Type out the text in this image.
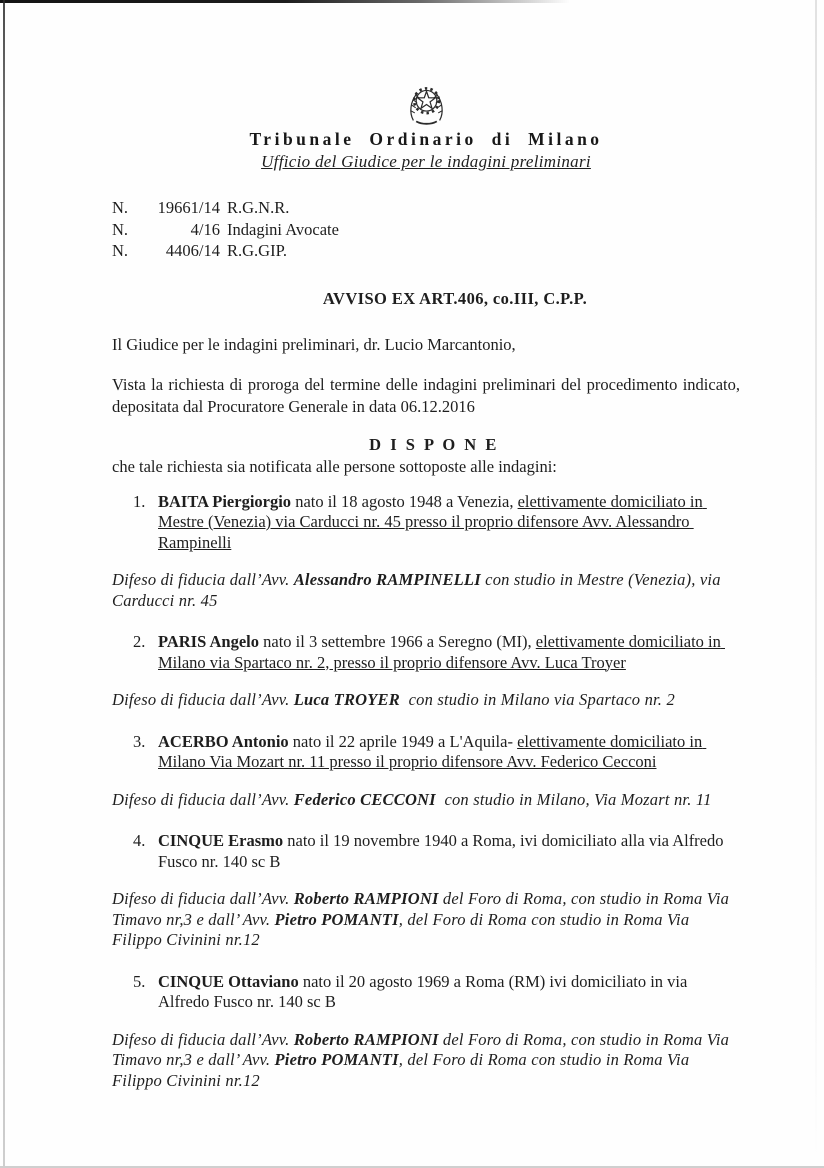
Tribunale Ordinario di Milano
Ufficio del Giudice per le indagini preliminari
N. 19661/14 R.G.N.R.
N.	4/16 Indagini Avocate
N. 4406/14 R.G.GIP.
AVVISO EX ART.406, co.III, C.P.P.

Il Giudice per le indagini preliminari, dr. Lucio Marcantonio,

Vista la richiesta di proroga del termine delle indagini preliminari del procedimento indicato, depositata dal Procuratore Generale in data 06.12.2016

D I S P O N E

che tale richiesta sia notificata alle persone sottoposte alle indagini:

1. BAITA Piergiorgio nato il 18 agosto 1948 a Venezia, elettivamente domiciliato in Mestre (Venezia) via Carducci nr. 45 presso il proprio difensore Avv. Alessandro Rampinelli

Difeso di fiducia dall’Avv. Alessandro RAMPINELLI con studio in Mestre (Venezia), via Carducci nr. 45

2. PARIS Angelo nato il 3 settembre 1966 a Seregno (MI), elettivamente domiciliato in Milano via Spartaco nr. 2, presso il proprio difensore Avv. Luca Troyer

Difeso di fiducia dall’Avv. Luca TROYER  con studio in Milano via Spartaco nr. 2

3. ACERBO Antonio nato il 22 aprile 1949 a L'Aquila- elettivamente domiciliato in Milano Via Mozart nr. 11 presso il proprio difensore Avv. Federico Cecconi

Difeso di fiducia dall’Avv. Federico CECCONI  con studio in Milano, Via Mozart nr. 11

4. CINQUE Erasmo nato il 19 novembre 1940 a Roma, ivi domiciliato alla via Alfredo Fusco nr. 140 sc B

Difeso di fiducia dall’Avv. Roberto RAMPIONI del Foro di Roma, con studio in Roma Via Timavo nr,3 e dall’ Avv. Pietro POMANTI, del Foro di Roma con studio in Roma Via Filippo Civinini nr.12

5. CINQUE Ottaviano nato il 20 agosto 1969 a Roma (RM) ivi domiciliato in via Alfredo Fusco nr. 140 sc B

Difeso di fiducia dall’Avv. Roberto RAMPIONI del Foro di Roma, con studio in Roma Via Timavo nr,3 e dall’ Avv. Pietro POMANTI, del Foro di Roma con studio in Roma Via Filippo Civinini nr.12
